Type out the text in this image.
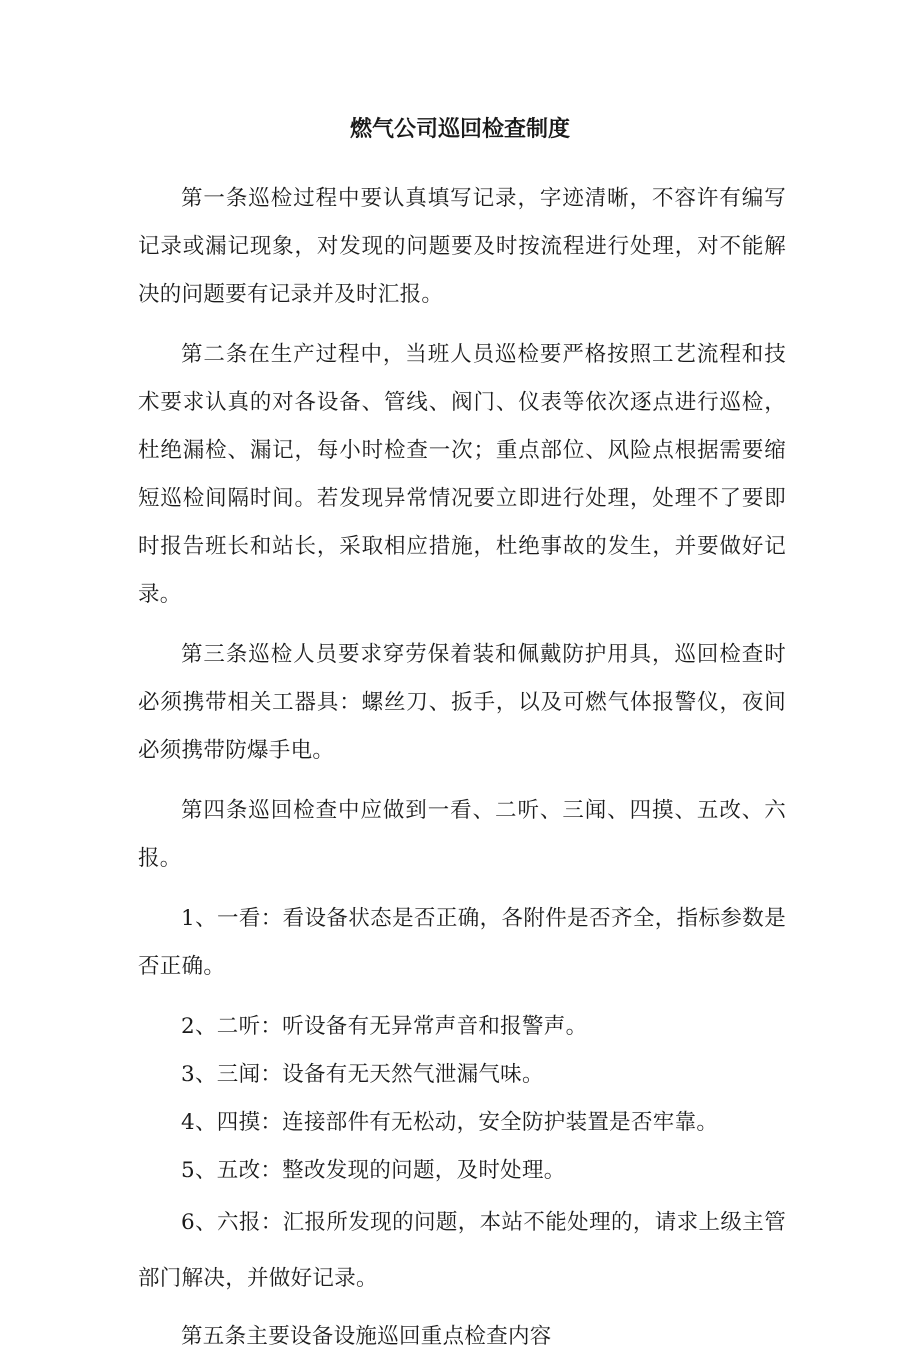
燃气公司巡回检查制度

第一条巡检过程中要认真填写记录，字迹清晰，不容许有编写记录或漏记现象，对发现的问题要及时按流程进行处理，对不能解决的问题要有记录并及时汇报。

第二条在生产过程中，当班人员巡检要严格按照工艺流程和技术要求认真的对各设备、管线、阀门、仪表等依次逐点进行巡检，杜绝漏检、漏记，每小时检查一次；重点部位、风险点根据需要缩短巡检间隔时间。若发现异常情况要立即进行处理，处理不了要即时报告班长和站长，采取相应措施，杜绝事故的发生，并要做好记录。

第三条巡检人员要求穿劳保着装和佩戴防护用具，巡回检查时必须携带相关工器具：螺丝刀、扳手，以及可燃气体报警仪，夜间必须携带防爆手电。

第四条巡回检查中应做到一看、二听、三闻、四摸、五改、六报。

1、一看：看设备状态是否正确，各附件是否齐全，指标参数是否正确。

2、二听：听设备有无异常声音和报警声。

3、三闻：设备有无天然气泄漏气味。

4、四摸：连接部件有无松动，安全防护装置是否牢靠。

5、五改：整改发现的问题，及时处理。

6、六报：汇报所发现的问题，本站不能处理的，请求上级主管部门解决，并做好记录。

第五条主要设备设施巡回重点检查内容
